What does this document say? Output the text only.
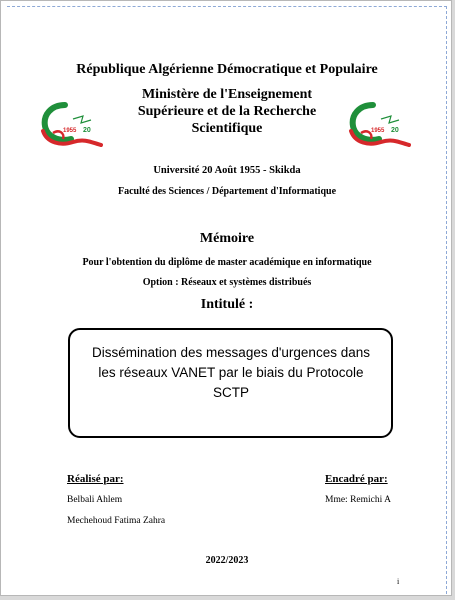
République Algérienne Démocratique et Populaire
Ministère de l'Enseignement
Supérieure et de la Recherche
Scientifique
1955 20	1955 20
Université 20 Août 1955 - Skikda
Faculté des Sciences / Département d'Informatique
Mémoire
Pour l'obtention du diplôme de master académique en informatique
Option : Réseaux et systèmes distribués
Intitulé :
Dissémination des messages d'urgences dans
les réseaux VANET par le biais du Protocole
SCTP
Réalisé par:	Encadré par:
Belbali Ahlem
Mechehoud Fatima Zahra
Mme: Remichi A
2022/2023
i
